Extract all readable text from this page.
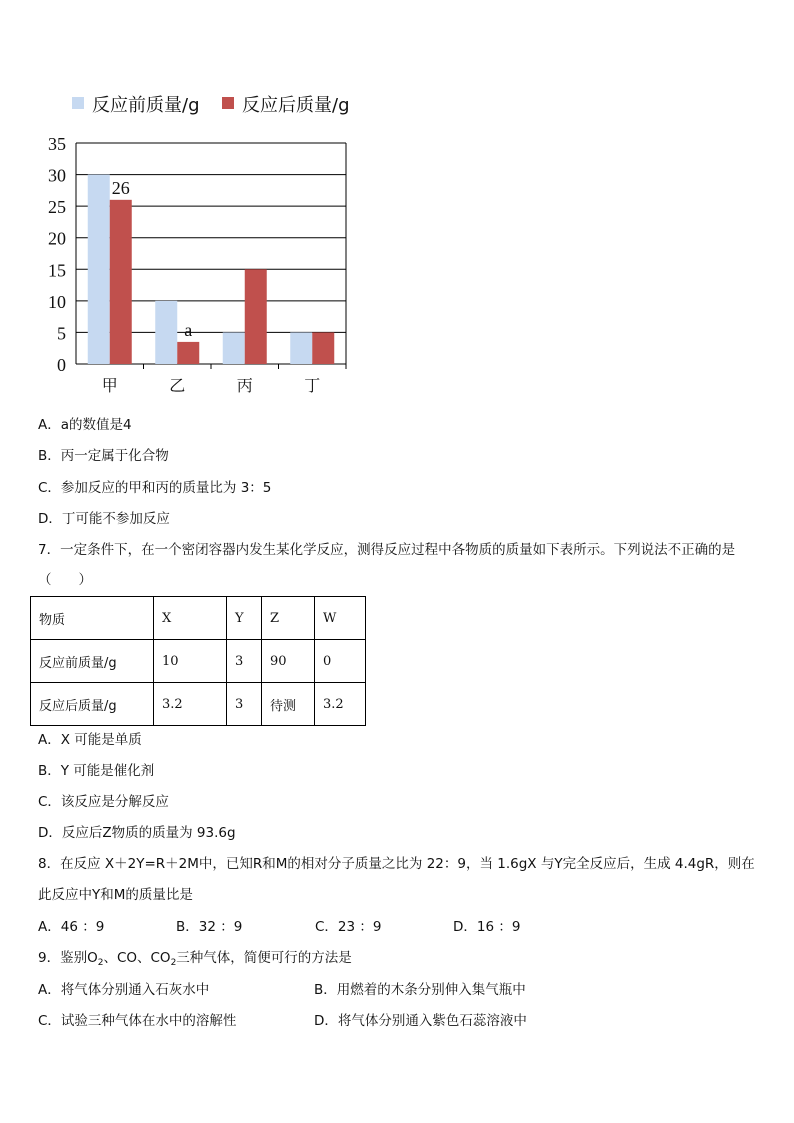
0
5
10
15
20
25
30
35
甲	乙	丙	丁
26
a
反应前质量/g 反应后质量/g
A．a的数值是4
B．丙一定属于化合物
C．参加反应的甲和丙的质量比为 3：5
D．丁可能不参加反应
7．一定条件下，在一个密闭容器内发生某化学反应，测得反应过程中各物质的质量如下表所示。下列说法不正确的是
（　　）
物质	X	Y	Z	W
反应前质量/g	10	3	90	0
反应后质量/g	3.2	3	待测	3.2
A．X 可能是单质
B．Y 可能是催化剂
C．该反应是分解反应
D．反应后Z物质的质量为 93.6g
8．在反应 X＋2Y=R＋2M中，已知R和M的相对分子质量之比为 22：9，当 1.6gX 与Y完全反应后，生成 4.4gR，则在
此反应中Y和M的质量比是
A．46 ：9	B．32 ：9	C．23 ：9	D．16 ：9
9．鉴别$O_2$、CO、$CO_2$三种气体，简便可行的方法是
A．将气体分别通入石灰水中	B．用燃着的木条分别伸入集气瓶中
C．试验三种气体在水中的溶解性	D．将气体分别通入紫色石蕊溶液中
